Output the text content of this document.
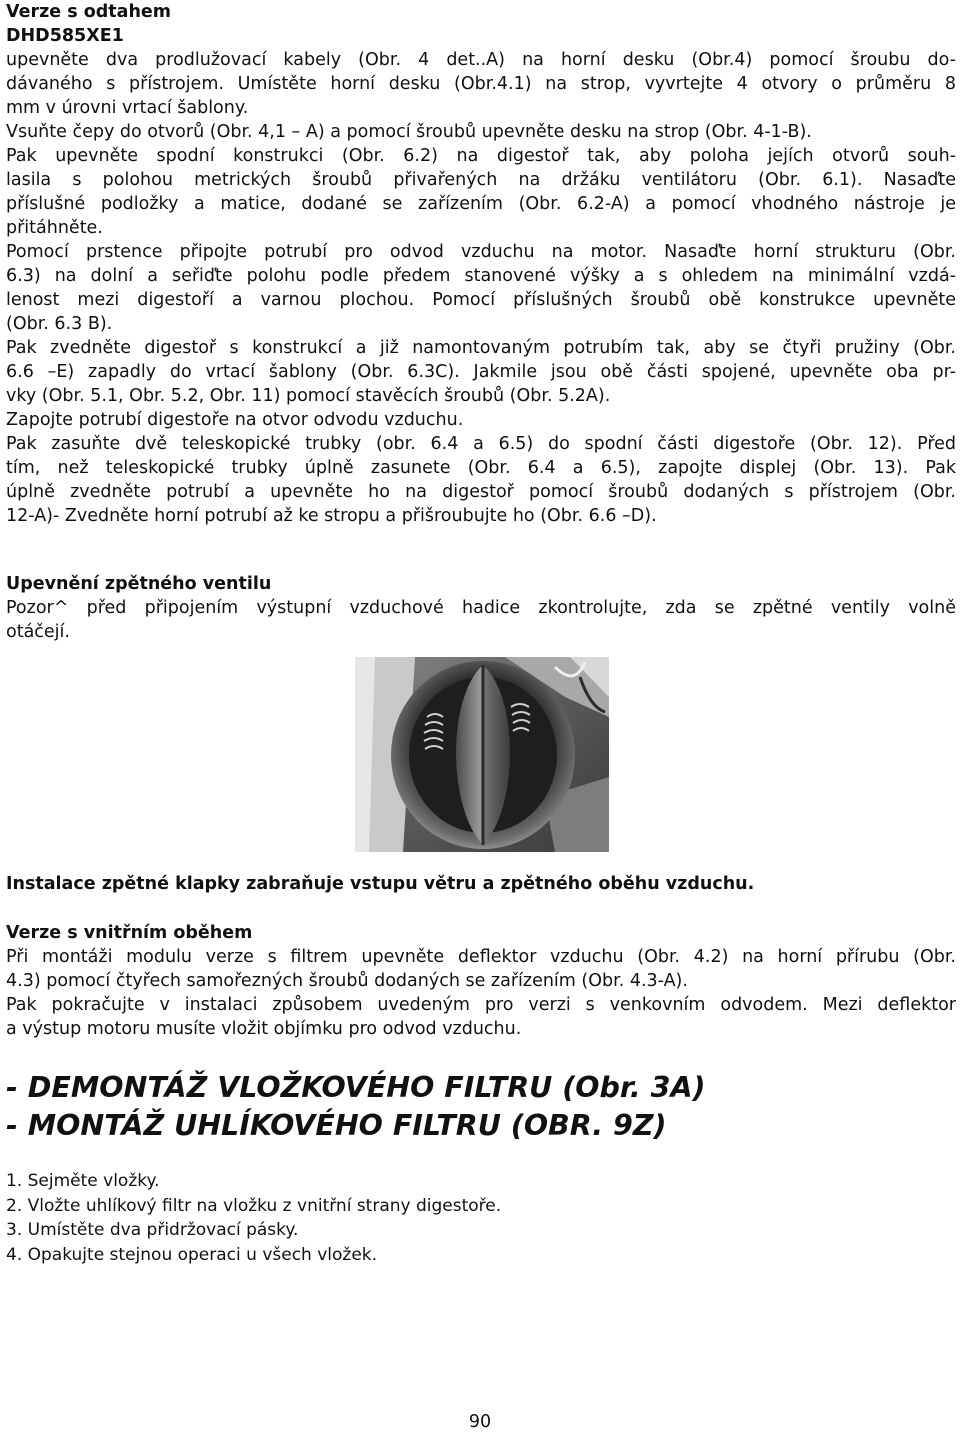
Verze s odtahem

DHD585XE1

upevněte dva prodlužovací kabely (Obr. 4 det..A) na horní desku (Obr.4) pomocí šroubu do-

dávaného s přístrojem. Umístěte horní desku (Obr.4.1) na strop, vyvrtejte 4 otvory o průměru 8

mm v úrovni vrtací šablony.

Vsuňte čepy do otvorů (Obr. 4,1 – A) a pomocí šroubů upevněte desku na strop (Obr. 4-1-B).

Pak upevněte spodní konstrukci (Obr. 6.2) na digestoř tak, aby poloha jejích otvorů souh-

lasila s polohou metrických šroubů přivařených na držáku ventilátoru (Obr. 6.1). Nasaďte

příslušné podložky a matice, dodané se zařízením (Obr. 6.2-A) a pomocí vhodného nástroje je

přitáhněte.

Pomocí prstence připojte potrubí pro odvod vzduchu na motor. Nasaďte horní strukturu (Obr.

6.3) na dolní a seřiďte polohu podle předem stanovené výšky a s ohledem na minimální vzdá-

lenost mezi digestoří a varnou plochou. Pomocí příslušných šroubů obě konstrukce upevněte

(Obr. 6.3 B).

Pak zvedněte digestoř s konstrukcí a již namontovaným potrubím tak, aby se čtyři pružiny (Obr.

6.6 –E) zapadly do vrtací šablony (Obr. 6.3C). Jakmile jsou obě části spojené, upevněte oba pr-

vky (Obr. 5.1, Obr. 5.2, Obr. 11) pomocí stavěcích šroubů (Obr. 5.2A).

Zapojte potrubí digestoře na otvor odvodu vzduchu.

Pak zasuňte dvě teleskopické trubky (obr. 6.4 a 6.5) do spodní části digestoře (Obr. 12). Před

tím, než teleskopické trubky úplně zasunete (Obr. 6.4 a 6.5), zapojte displej (Obr. 13). Pak

úplně zvedněte potrubí a upevněte ho na digestoř pomocí šroubů dodaných s přístrojem (Obr.

12-A)- Zvedněte horní potrubí až ke stropu a přišroubujte ho (Obr. 6.6 –D).

Upevnění zpětného ventilu

Pozor^ před připojením výstupní vzduchové hadice zkontrolujte, zda se zpětné ventily volně

otáčejí.

Instalace zpětné klapky zabraňuje vstupu větru a zpětného oběhu vzduchu.

Verze s vnitřním oběhem

Při montáži modulu verze s filtrem upevněte deflektor vzduchu (Obr. 4.2) na horní přírubu (Obr.

4.3) pomocí čtyřech samořezných šroubů dodaných se zařízením (Obr. 4.3-A).

Pak pokračujte v instalaci způsobem uvedeným pro verzi s venkovním odvodem. Mezi deflektor

a výstup motoru musíte vložit objímku pro odvod vzduchu.

- DEMONTÁŽ VLOŽKOVÉHO FILTRU (Obr. 3A)

- MONTÁŽ UHLÍKOVÉHO FILTRU (OBR. 9Z)

1. Sejměte vložky.

2. Vložte uhlíkový filtr na vložku z vnitřní strany digestoře.

3. Umístěte dva přidržovací pásky.

4. Opakujte stejnou operaci u všech vložek.

90
